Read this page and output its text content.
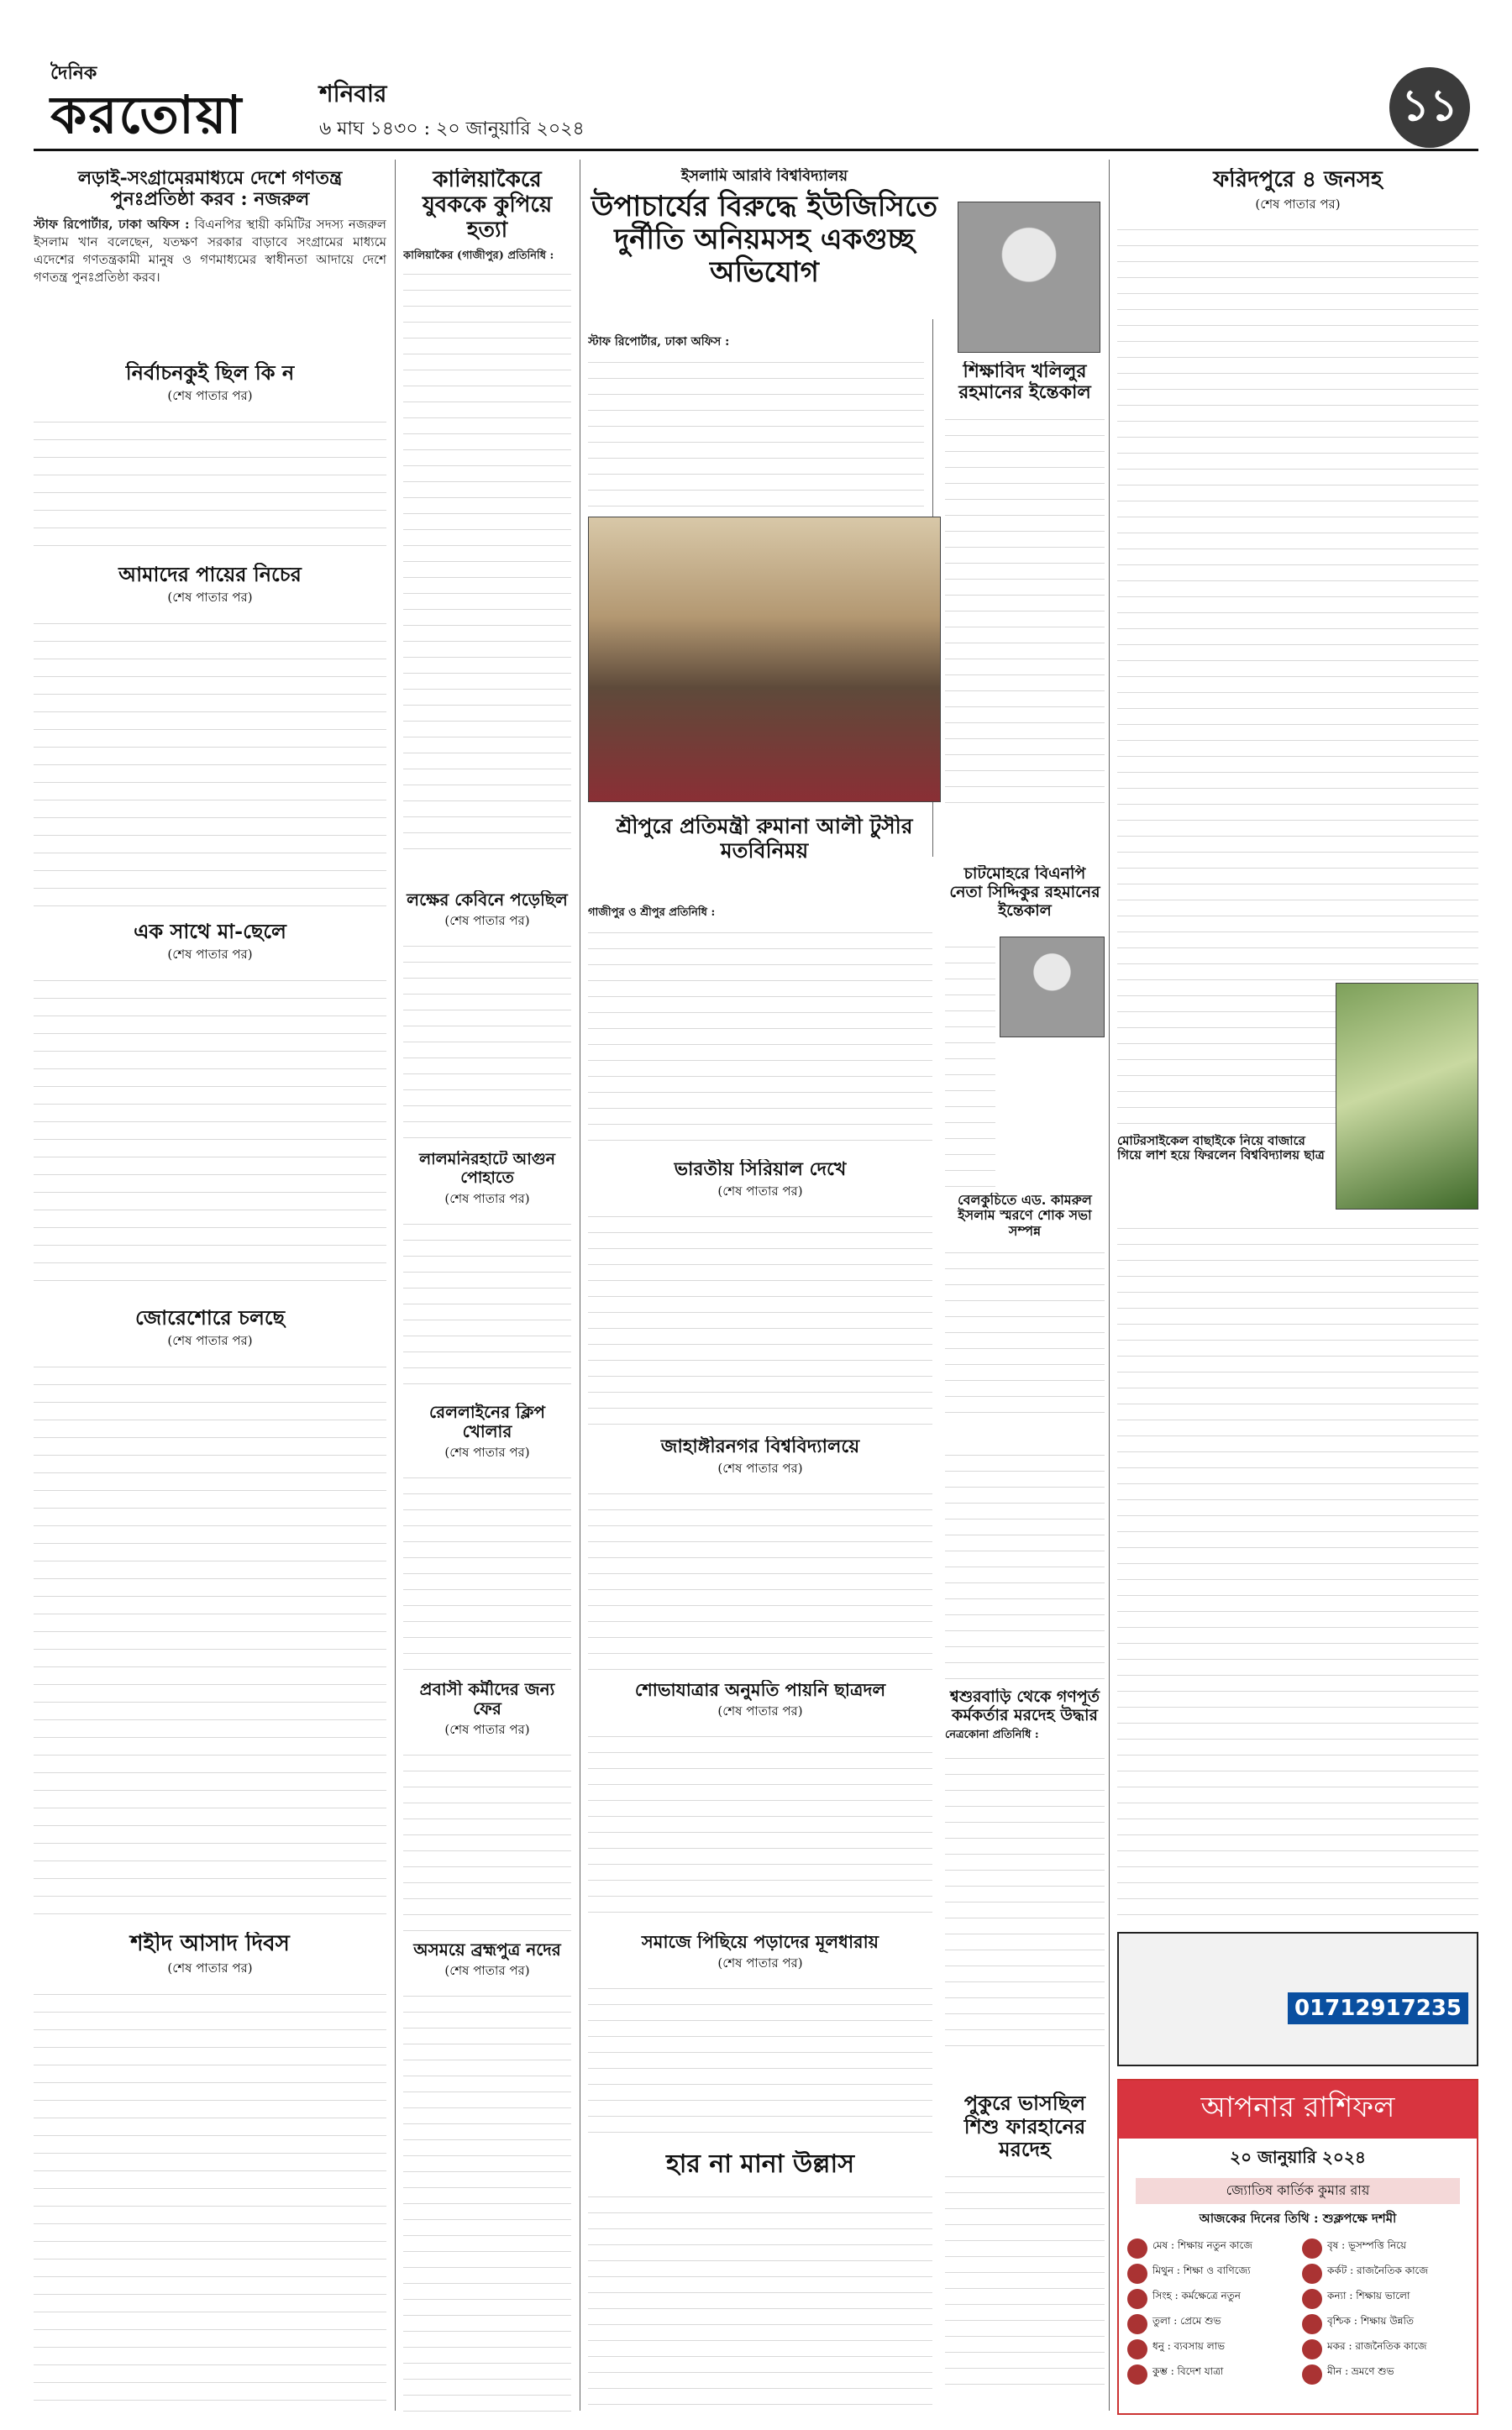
দৈনিক
করতোয়া	শনিবার
৬ মাঘ ১৪৩০ : ২০ জানুয়ারি ২০২৪	১১
লড়াই-সংগ্রামেরমাধ্যমে দেশে গণতন্ত্র পুনঃপ্রতিষ্ঠা করব : নজরুল
স্টাফ রিপোর্টার, ঢাকা অফিস : বিএনপির স্থায়ী কমিটির সদস্য নজরুল ইসলাম খান বলেছেন, যতক্ষণ সরকার বাড়াবে সংগ্রামের মাধ্যমে এদেশের গণতন্ত্রকামী মানুষ ও গণমাধ্যমের স্বাধীনতা আদায়ে দেশে গণতন্ত্র পুনঃপ্রতিষ্ঠা করব।
নির্বাচনকুই ছিল কি ন
(শেষ পাতার পর)
আমাদের পায়ের নিচের
(শেষ পাতার পর)
এক সাথে মা-ছেলে
(শেষ পাতার পর)
জোরেশোরে চলছে
(শেষ পাতার পর)
শহীদ আসাদ দিবস
(শেষ পাতার পর)
কালিয়াকৈরে যুবককে কুপিয়ে হত্যা
কালিয়াকৈর (গাজীপুর) প্রতিনিধি :
লক্ষের কেবিনে পড়েছিল
(শেষ পাতার পর)
লালমনিরহাটে আগুন পোহাতে
(শেষ পাতার পর)
রেললাইনের ক্লিপ খোলার
(শেষ পাতার পর)
প্রবাসী কর্মীদের জন্য ফের
(শেষ পাতার পর)
অসময়ে ব্রহ্মপুত্র নদের
(শেষ পাতার পর)
ইসলামি আরবি বিশ্ববিদ্যালয়
উপাচার্যের বিরুদ্ধে ইউজিসিতে দুর্নীতি অনিয়মসহ একগুচ্ছ অভিযোগ
স্টাফ রিপোর্টার, ঢাকা অফিস :
শিক্ষাবিদ খলিলুর রহমানের ইন্তেকাল
শ্রীপুরে প্রতিমন্ত্রী রুমানা আলী টুসীর মতবিনিময়
গাজীপুর ও শ্রীপুর প্রতিনিধি :
চাটমোহরে বিএনপি নেতা সিদ্দিকুর রহমানের ইন্তেকাল
ভারতীয় সিরিয়াল দেখে
(শেষ পাতার পর)
জাহাঙ্গীরনগর বিশ্ববিদ্যালয়ে
(শেষ পাতার পর)
শোভাযাত্রার অনুমতি পায়নি ছাত্রদল
(শেষ পাতার পর)
সমাজে পিছিয়ে পড়াদের মূলধারায়
(শেষ পাতার পর)
হার না মানা উল্লাস
বেলকুচিতে এড. কামরুল ইসলাম স্মরণে শোক সভা সম্পন্ন
শ্বশুরবাড়ি থেকে গণপূর্ত কর্মকর্তার মরদেহ উদ্ধার
নেত্রকোনা প্রতিনিধি :
পুকুরে ভাসছিল শিশু ফারহানের মরদেহ
ফরিদপুরে ৪ জনসহ
(শেষ পাতার পর)
মোটরসাইকেল বাছাইকে নিয়ে বাজারে গিয়ে লাশ হয়ে ফিরলেন বিশ্ববিদ্যালয় ছাত্র
01712917235
আপনার রাশিফল
২০ জানুয়ারি ২০২৪
জ্যোতিষ কার্তিক কুমার রায়
আজকের দিনের তিথি : শুক্লপক্ষে দশমী
মেষ : শিক্ষায় নতুন কাজে	বৃষ : ভূসম্পত্তি নিয়ে
মিথুন : শিক্ষা ও বাণিজ্যে	কর্কট : রাজনৈতিক কাজে
সিংহ : কর্মক্ষেত্রে নতুন	কন্যা : শিক্ষায় ভালো
তুলা : প্রেমে শুভ	বৃশ্চিক : শিক্ষায় উন্নতি
ধনু : ব্যবসায় লাভ	মকর : রাজনৈতিক কাজে
কুম্ভ : বিদেশ যাত্রা	মীন : ভ্রমণে শুভ
